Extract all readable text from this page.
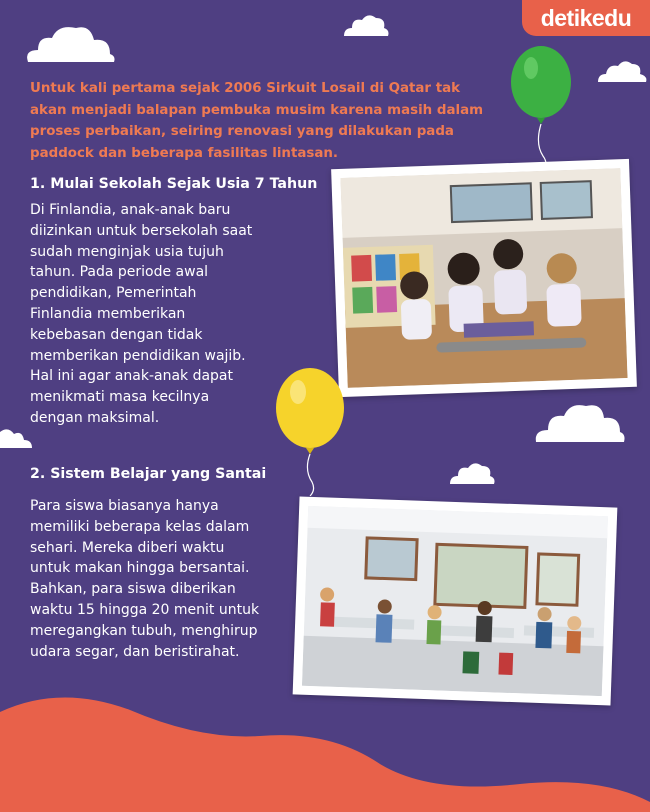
detikedu

Untuk kali pertama sejak 2006 Sirkuit Losail di Qatar tak akan menjadi balapan pembuka musim karena masih dalam proses perbaikan, seiring renovasi yang dilakukan pada paddock dan beberapa fasilitas lintasan.

1. Mulai Sekolah Sejak Usia 7 Tahun

Di Finlandia, anak-anak baru diizinkan untuk bersekolah saat sudah menginjak usia tujuh tahun. Pada periode awal pendidikan, Pemerintah Finlandia memberikan kebebasan dengan tidak memberikan pendidikan wajib. Hal ini agar anak-anak dapat menikmati masa kecilnya dengan maksimal.

2. Sistem Belajar yang Santai

Para siswa biasanya hanya memiliki beberapa kelas dalam sehari. Mereka diberi waktu untuk makan hingga bersantai. Bahkan, para siswa diberikan waktu 15 hingga 20 menit untuk meregangkan tubuh, menghirup udara segar, dan beristirahat.
